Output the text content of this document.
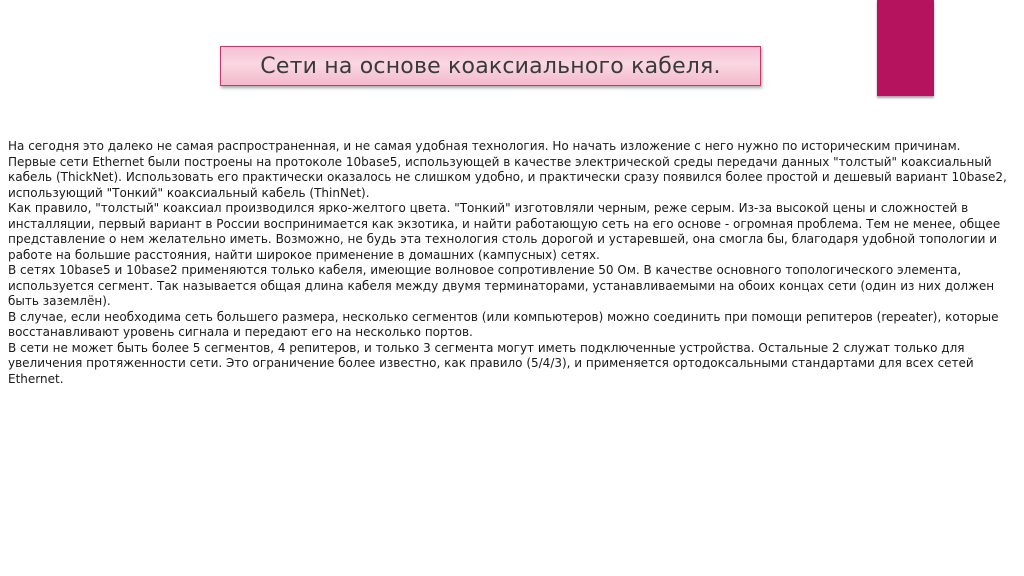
Сети на основе коаксиального кабеля.

На сегодня это далеко не самая распространенная, и не самая удобная технология. Но начать изложение с него нужно по историческим причинам. Первые сети Ethernet были построены на протоколе 10base5, использующей в качестве электрической среды передачи данных "толстый" коаксиальный кабель (ThickNet). Использовать его практически оказалось не слишком удобно, и практически сразу появился более простой и дешевый вариант 10base2, использующий "Тонкий" коаксиальный кабель (ThinNet).

Как правило, "толстый" коаксиал производился ярко-желтого цвета. "Тонкий" изготовляли черным, реже серым. Из-за высокой цены и сложностей в инсталляции, первый вариант в России воспринимается как экзотика, и найти работающую сеть на его основе - огромная проблема. Тем не менее, общее представление о нем желательно иметь. Возможно, не будь эта технология столь дорогой и устаревшей, она смогла бы, благодаря удобной топологии и работе на большие расстояния, найти широкое применение в домашних (кампусных) сетях.

В сетях 10base5 и 10base2 применяются только кабеля, имеющие волновое сопротивление 50 Ом. В качестве основного топологического элемента, используется сегмент. Так называется общая длина кабеля между двумя терминаторами, устанавливаемыми на обоих концах сети (один из них должен быть заземлён).

В случае, если необходима сеть большего размера, несколько сегментов (или компьютеров) можно соединить при помощи репитеров (repeater), которые восстанавливают уровень сигнала и передают его на несколько портов.

В сети не может быть более 5 сегментов, 4 репитеров, и только 3 сегмента могут иметь подключенные устройства. Остальные 2 служат только для увеличения протяженности сети. Это ограничение более известно, как правило (5/4/3), и применяется ортодоксальными стандартами для всех сетей Ethernet.
